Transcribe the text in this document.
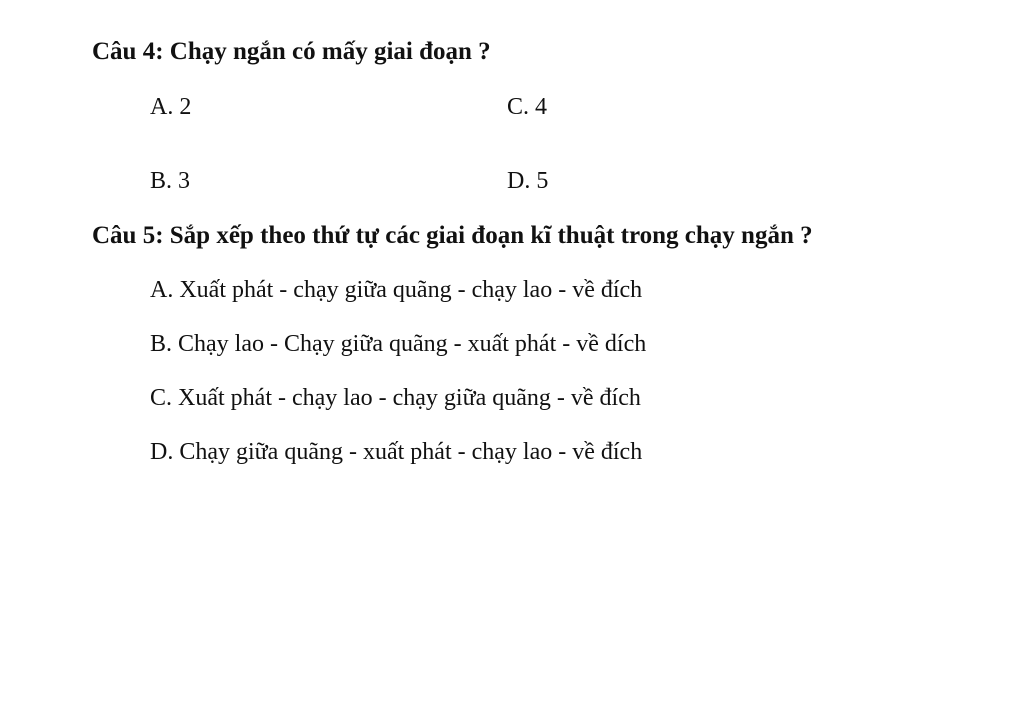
Câu 4: Chạy ngắn có mấy giai đoạn ?
A. 2	C. 4
B. 3	D. 5
Câu 5: Sắp xếp theo thứ tự các giai đoạn kĩ thuật trong chạy ngắn ?
A. Xuất phát - chạy giữa quãng - chạy lao - về đích
B. Chạy lao - Chạy giữa quãng - xuất phát - về dích
C. Xuất phát - chạy lao - chạy giữa quãng - về đích
D. Chạy giữa quãng - xuất phát - chạy lao - về đích
